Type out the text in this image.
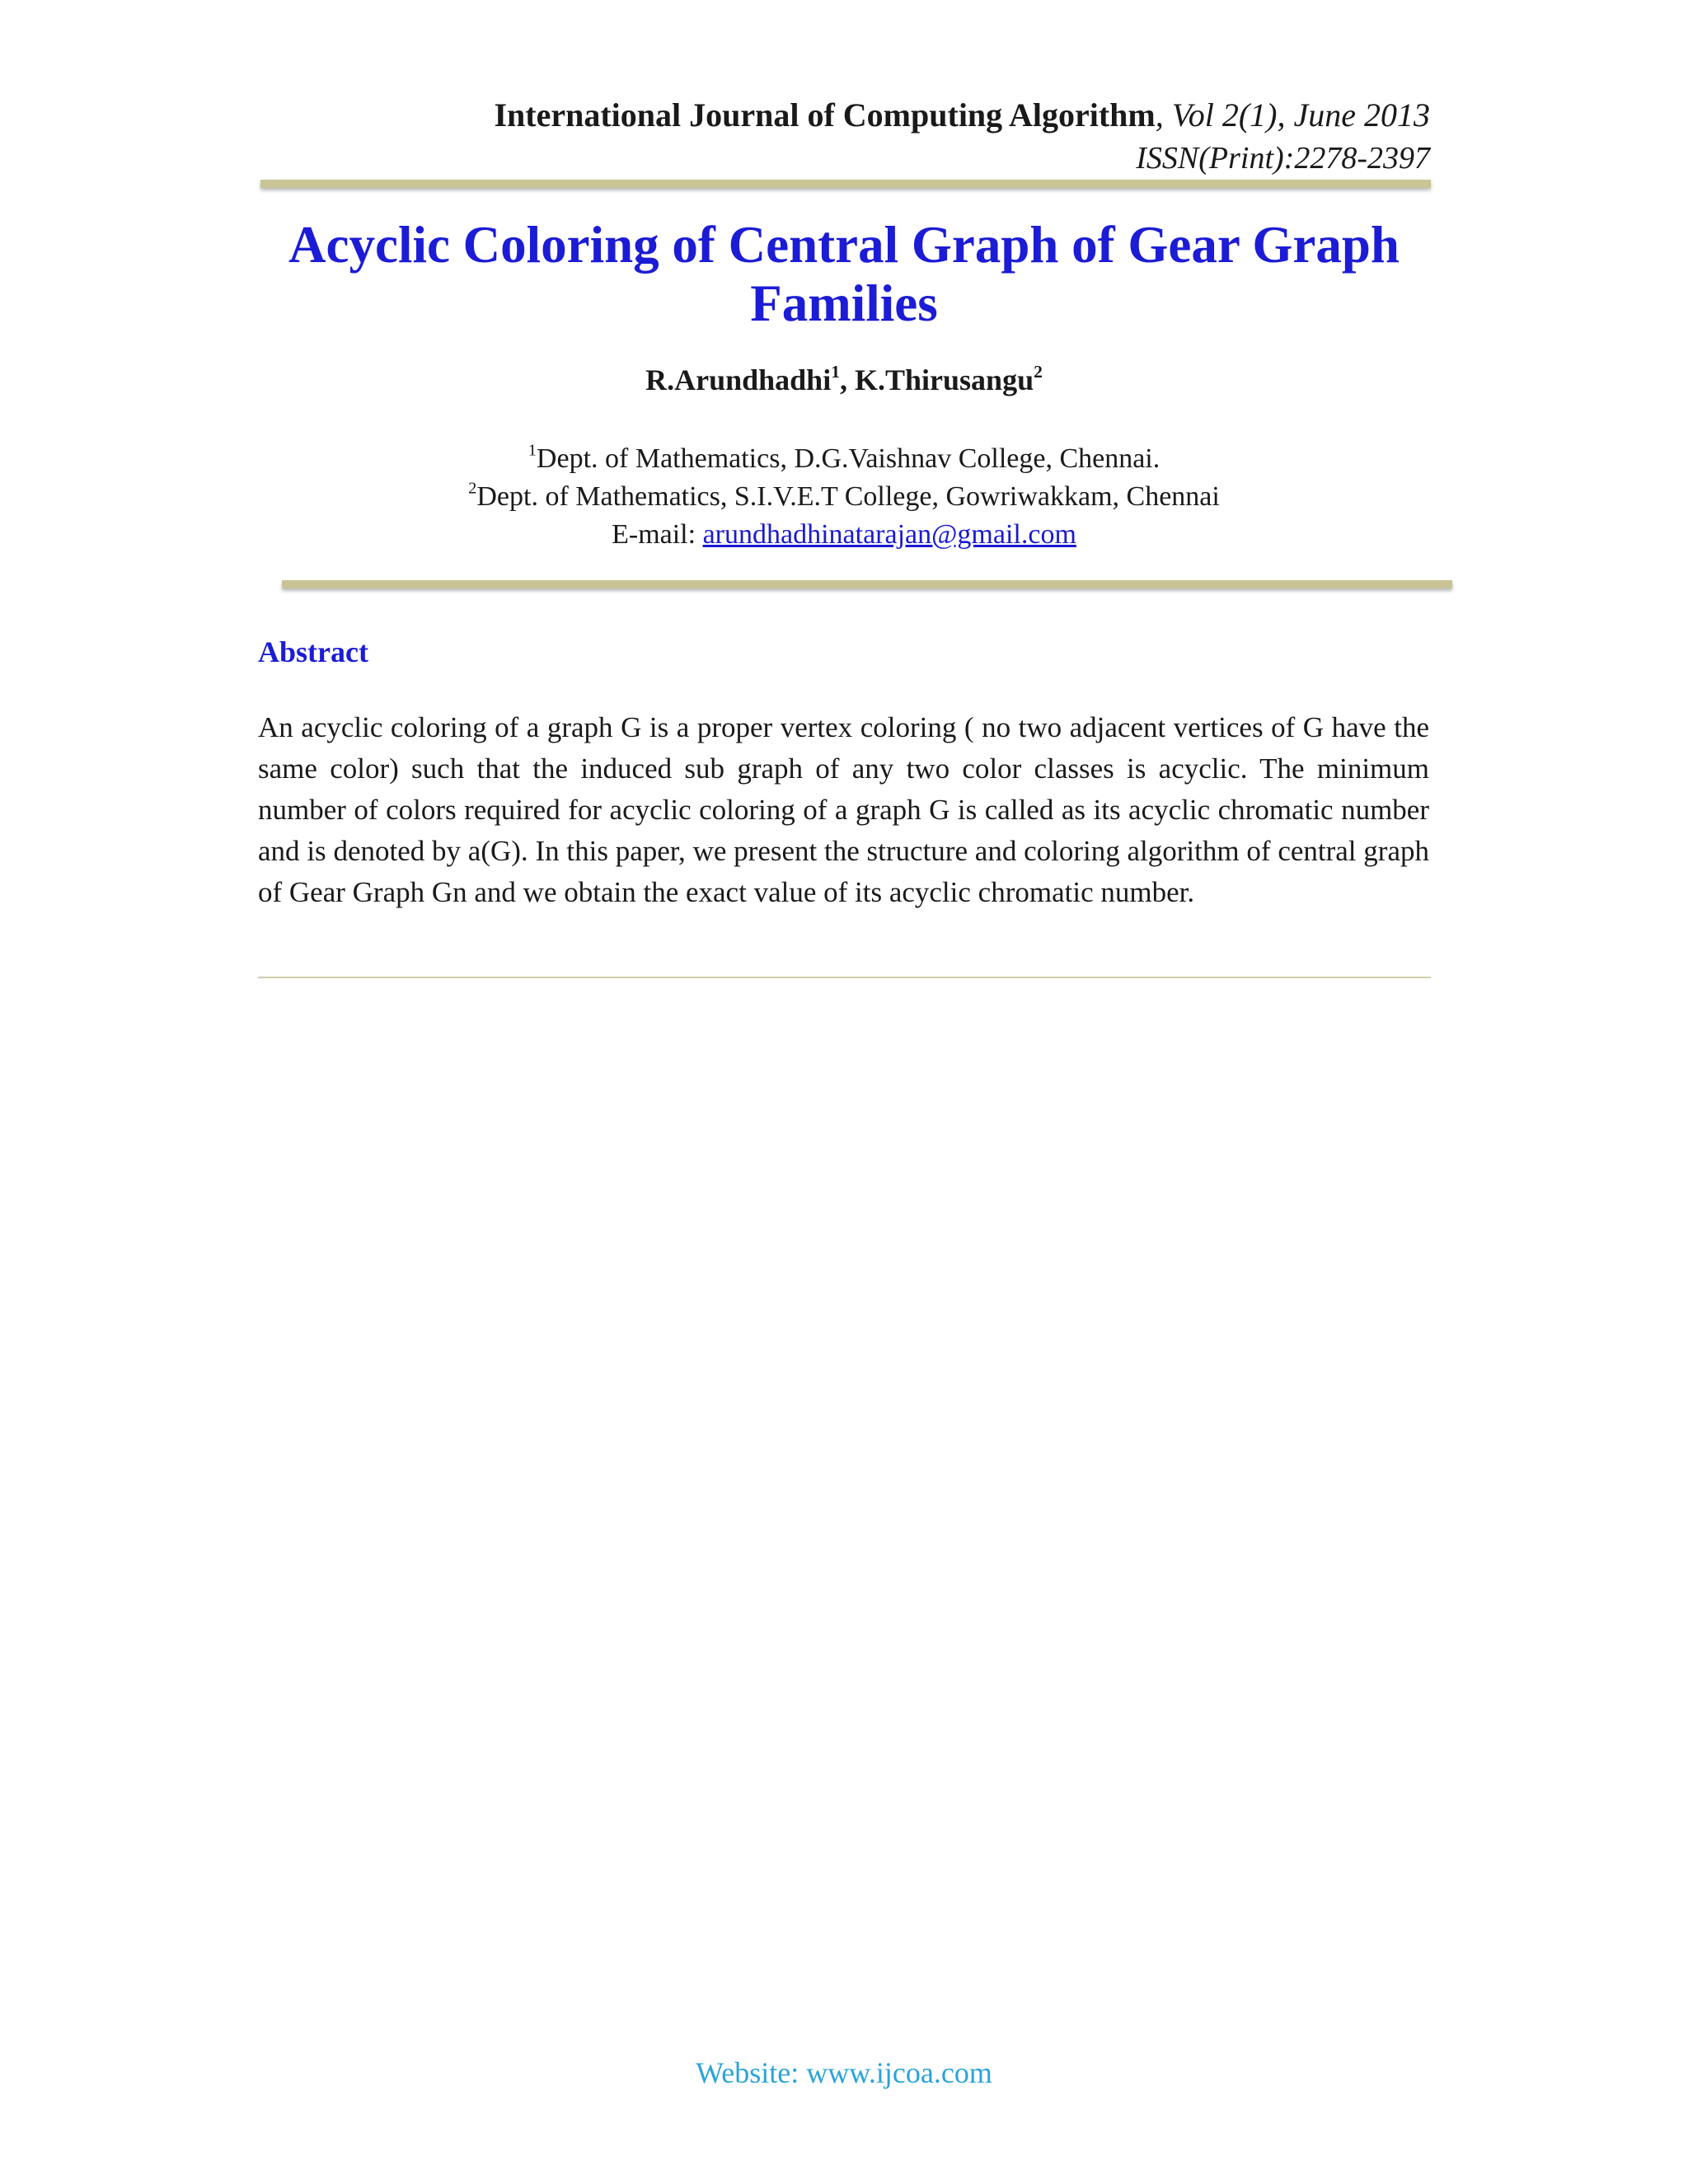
International Journal of Computing Algorithm, Vol 2(1), June 2013
ISSN(Print):2278-2397
Acyclic Coloring of Central Graph of Gear Graph
Families
R.Arundhadhi$^1$, K.Thirusangu$^2$
$^1$Dept. of Mathematics, D.G.Vaishnav College, Chennai.
$^2$Dept. of Mathematics, S.I.V.E.T College, Gowriwakkam, Chennai
E-mail: arundhadhinatarajan@gmail.com
Abstract
An acyclic coloring of a graph G is a proper vertex coloring ( no two adjacent vertices of G have the same color) such that the induced sub graph of any two color classes is acyclic. The minimum number of colors required for acyclic coloring of a graph G is called as its acyclic chromatic number and is denoted by a(G). In this paper, we present the structure and coloring algorithm of central graph of Gear Graph Gn and we obtain the exact value of its acyclic chromatic number.
Website: www.ijcoa.com
